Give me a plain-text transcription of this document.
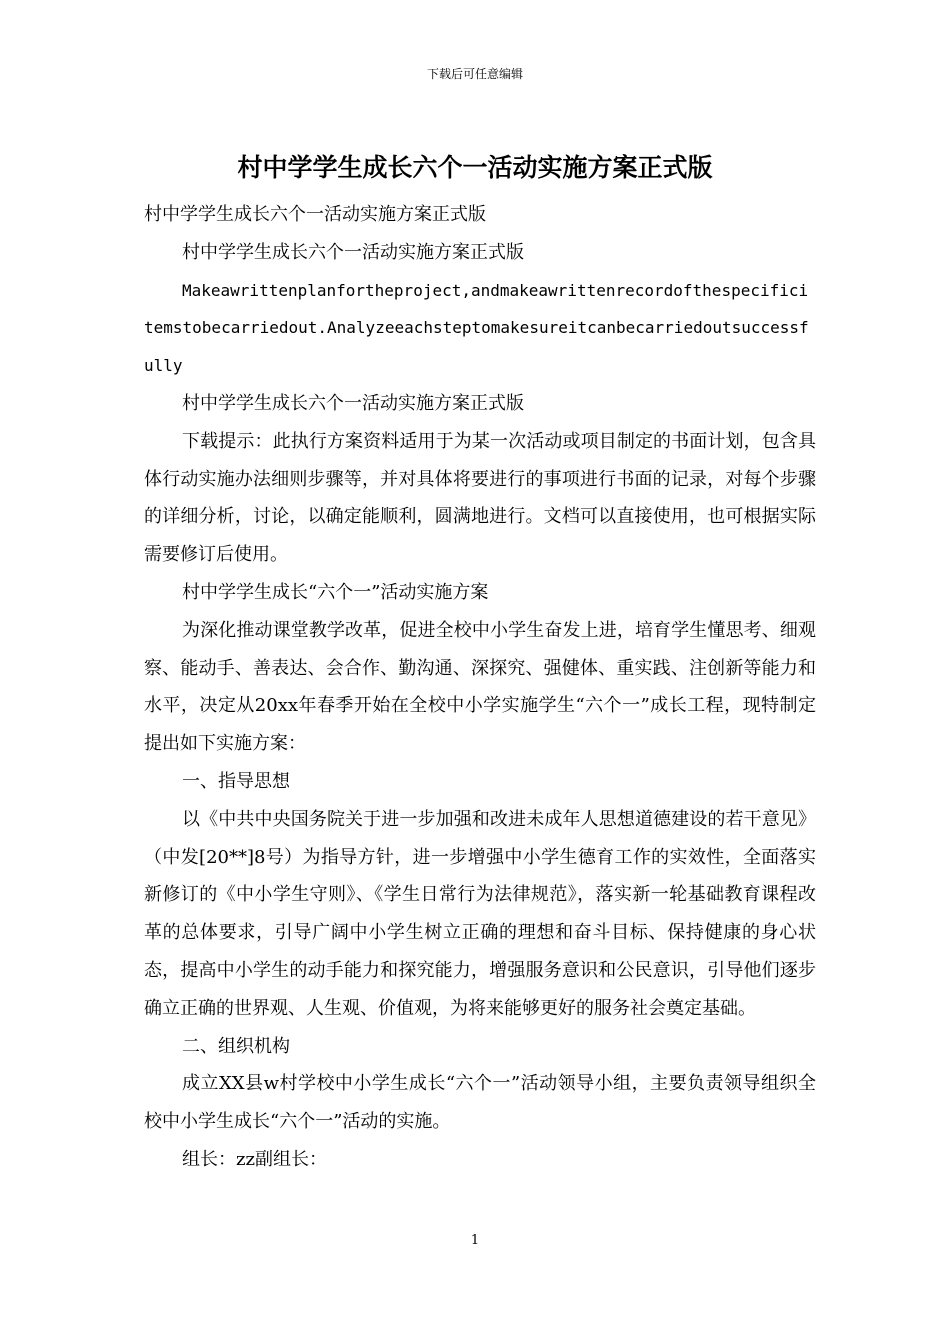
下载后可任意编辑
村中学学生成长六个一活动实施方案正式版

村中学学生成长六个一活动实施方案正式版

村中学学生成长六个一活动实施方案正式版

Makeawrittenplanfortheproject,andmakeawrittenrecordofthespecificitemstobecarriedout.Analyzeeachsteptomakesureitcanbecarriedoutsuccessfully

村中学学生成长六个一活动实施方案正式版

下载提示：此执行方案资料适用于为某一次活动或项目制定的书面计划，包含具体行动实施办法细则步骤等，并对具体将要进行的事项进行书面的记录，对每个步骤的详细分析，讨论，以确定能顺利，圆满地进行。文档可以直接使用，也可根据实际需要修订后使用。

村中学学生成长“六个一”活动实施方案

为深化推动课堂教学改革，促进全校中小学生奋发上进，培育学生懂思考、细观察、能动手、善表达、会合作、勤沟通、深探究、强健体、重实践、注创新等能力和水平，决定从20xx年春季开始在全校中小学实施学生“六个一”成长工程，现特制定提出如下实施方案：

一、指导思想

以《中共中央国务院关于进一步加强和改进未成年人思想道德建设的若干意见》（中发[20**]8号）为指导方针，进一步增强中小学生德育工作的实效性，全面落实新修订的《中小学生守则》、《学生日常行为法律规范》，落实新一轮基础教育课程改革的总体要求，引导广阔中小学生树立正确的理想和奋斗目标、保持健康的身心状态，提高中小学生的动手能力和探究能力，增强服务意识和公民意识，引导他们逐步确立正确的世界观、人生观、价值观，为将来能够更好的服务社会奠定基础。

二、组织机构

成立XX县w村学校中小学生成长“六个一”活动领导小组，主要负责领导组织全校中小学生成长“六个一”活动的实施。

组长：zz副组长：

1
